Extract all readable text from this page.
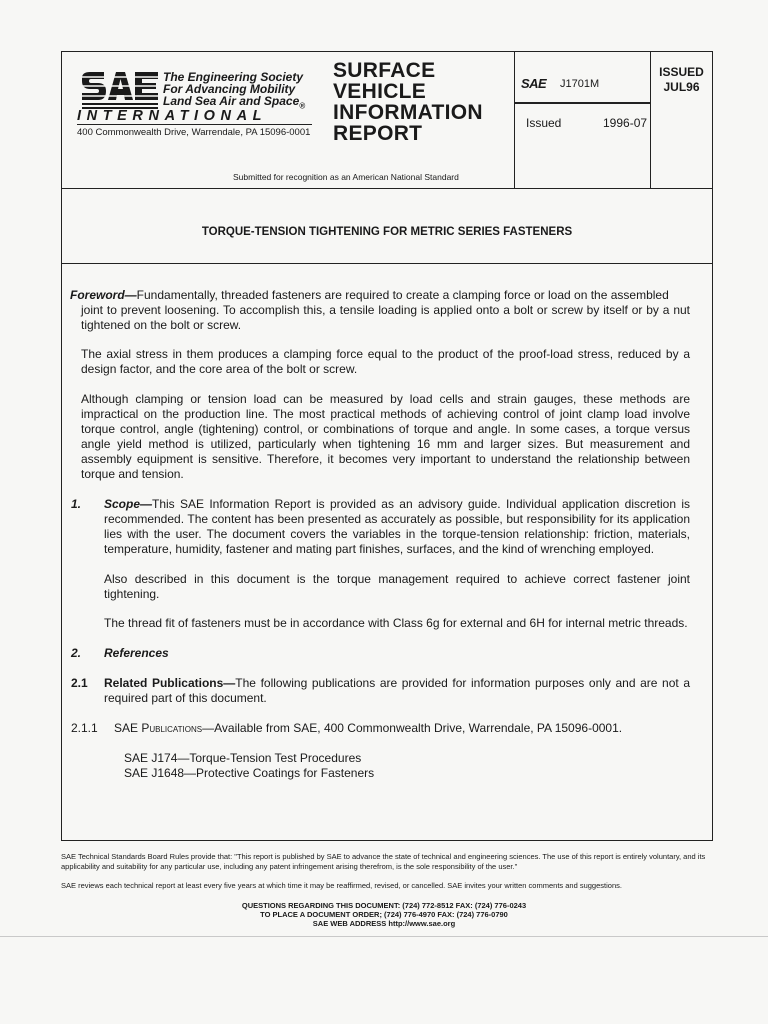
The Engineering Society
For Advancing Mobility
Land Sea Air and Space$_®$
INTERNATIONAL
400 Commonwealth Drive, Warrendale, PA 15096-0001
SURFACE
VEHICLE
INFORMATION
REPORT
Submitted for recognition as an American National Standard
SAE J1701M
Issued	1996-07
ISSUED
JUL96
TORQUE-TENSION TIGHTENING FOR METRIC SERIES FASTENERS
Foreword—Fundamentally, threaded fasteners are required to create a clamping force or load on the assembled
joint to prevent loosening. To accomplish this, a tensile loading is applied onto a bolt or screw by itself or by a nut tightened on the bolt or screw.
The axial stress in them produces a clamping force equal to the product of the proof-load stress, reduced by a design factor, and the core area of the bolt or screw.
Although clamping or tension load can be measured by load cells and strain gauges, these methods are impractical on the production line. The most practical methods of achieving control of joint clamp load involve torque control, angle (tightening) control, or combinations of torque and angle. In some cases, a torque versus angle yield method is utilized, particularly when tightening 16 mm and larger sizes. But measurement and assembly equipment is sensitive. Therefore, it becomes very important to understand the relationship between torque and tension.
1. Scope—This SAE Information Report is provided as an advisory guide. Individual application discretion is recommended. The content has been presented as accurately as possible, but responsibility for its application lies with the user. The document covers the variables in the torque-tension relationship: friction, materials, temperature, humidity, fastener and mating part finishes, surfaces, and the kind of wrenching employed.
Also described in this document is the torque management required to achieve correct fastener joint tightening.
The thread fit of fasteners must be in accordance with Class 6g for external and 6H for internal metric threads.
2. References
2.1 Related Publications—The following publications are provided for information purposes only and are not a required part of this document.
2.1.1 SAE Publications—Available from SAE, 400 Commonwealth Drive, Warrendale, PA 15096-0001.
SAE J174—Torque-Tension Test Procedures
SAE J1648—Protective Coatings for Fasteners
SAE Technical Standards Board Rules provide that: "This report is published by SAE to advance the state of technical and engineering sciences. The use of this report is entirely voluntary, and its applicability and suitability for any particular use, including any patent infringement arising therefrom, is the sole responsibility of the user."
SAE reviews each technical report at least every five years at which time it may be reaffirmed, revised, or cancelled. SAE invites your written comments and suggestions.
QUESTIONS REGARDING THIS DOCUMENT: (724) 772-8512 FAX: (724) 776-0243
TO PLACE A DOCUMENT ORDER; (724) 776-4970 FAX: (724) 776-0790
SAE WEB ADDRESS http://www.sae.org
